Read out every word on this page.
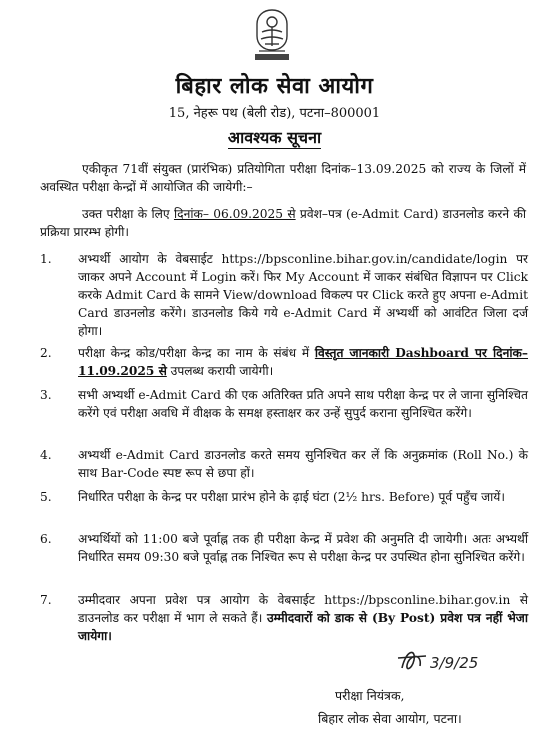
बिहार लोक सेवा आयोग
15, नेहरू पथ (बेली रोड), पटना–800001
आवश्यक सूचना
एकीकृत 71वीं संयुक्त (प्रारंभिक) प्रतियोगिता परीक्षा दिनांक–13.09.2025 को राज्य के जिलों में अवस्थित परीक्षा केन्द्रों में आयोजित की जायेगी:–
उक्त परीक्षा के लिए दिनांक– 06.09.2025 से प्रवेश–पत्र (e-Admit Card) डाउनलोड करने की प्रक्रिया प्रारम्भ होगी।
1.	अभ्यर्थी आयोग के वेबसाईट https://bpsconline.bihar.gov.in/candidate/login पर जाकर अपने Account में Login करें। फिर My Account में जाकर संबंधित विज्ञापन पर Click करके Admit Card के सामने View/download विकल्प पर Click करते हुए अपना e-Admit Card डाउनलोड करेंगे। डाउनलोड किये गये e-Admit Card में अभ्यर्थी को आवंटित जिला दर्ज होगा।
2.	परीक्षा केन्द्र कोड/परीक्षा केन्द्र का नाम के संबंध में विस्तृत जानकारी Dashboard पर दिनांक–11.09.2025 से उपलब्ध करायी जायेगी।
3.	सभी अभ्यर्थी e-Admit Card की एक अतिरिक्त प्रति अपने साथ परीक्षा केन्द्र पर ले जाना सुनिश्चित करेंगे एवं परीक्षा अवधि में वीक्षक के समक्ष हस्ताक्षर कर उन्हें सुपुर्द कराना सुनिश्चित करेंगे।
4.	अभ्यर्थी e-Admit Card डाउनलोड करते समय सुनिश्चित कर लें कि अनुक्रमांक (Roll No.) के साथ Bar-Code स्पष्ट रूप से छपा हों।
5.	निर्धारित परीक्षा के केन्द्र पर परीक्षा प्रारंभ होने के ढ़ाई घंटा (2½ hrs. Before) पूर्व पहुँच जायें।
6.	अभ्यर्थियों को 11:00 बजे पूर्वाह्न तक ही परीक्षा केन्द्र में प्रवेश की अनुमति दी जायेगी। अतः अभ्यर्थी निर्धारित समय 09:30 बजे पूर्वाह्न तक निश्चित रूप से परीक्षा केन्द्र पर उपस्थित होना सुनिश्चित करेंगे।
7.	उम्मीदवार अपना प्रवेश पत्र आयोग के वेबसाईट https://bpsconline.bihar.gov.in से डाउनलोड कर परीक्षा में भाग ले सकते हैं। उम्मीदवारों को डाक से (By Post) प्रवेश पत्र नहीं भेजा जायेगा।
3/9/25
परीक्षा नियंत्रक,
बिहार लोक सेवा आयोग, पटना।
